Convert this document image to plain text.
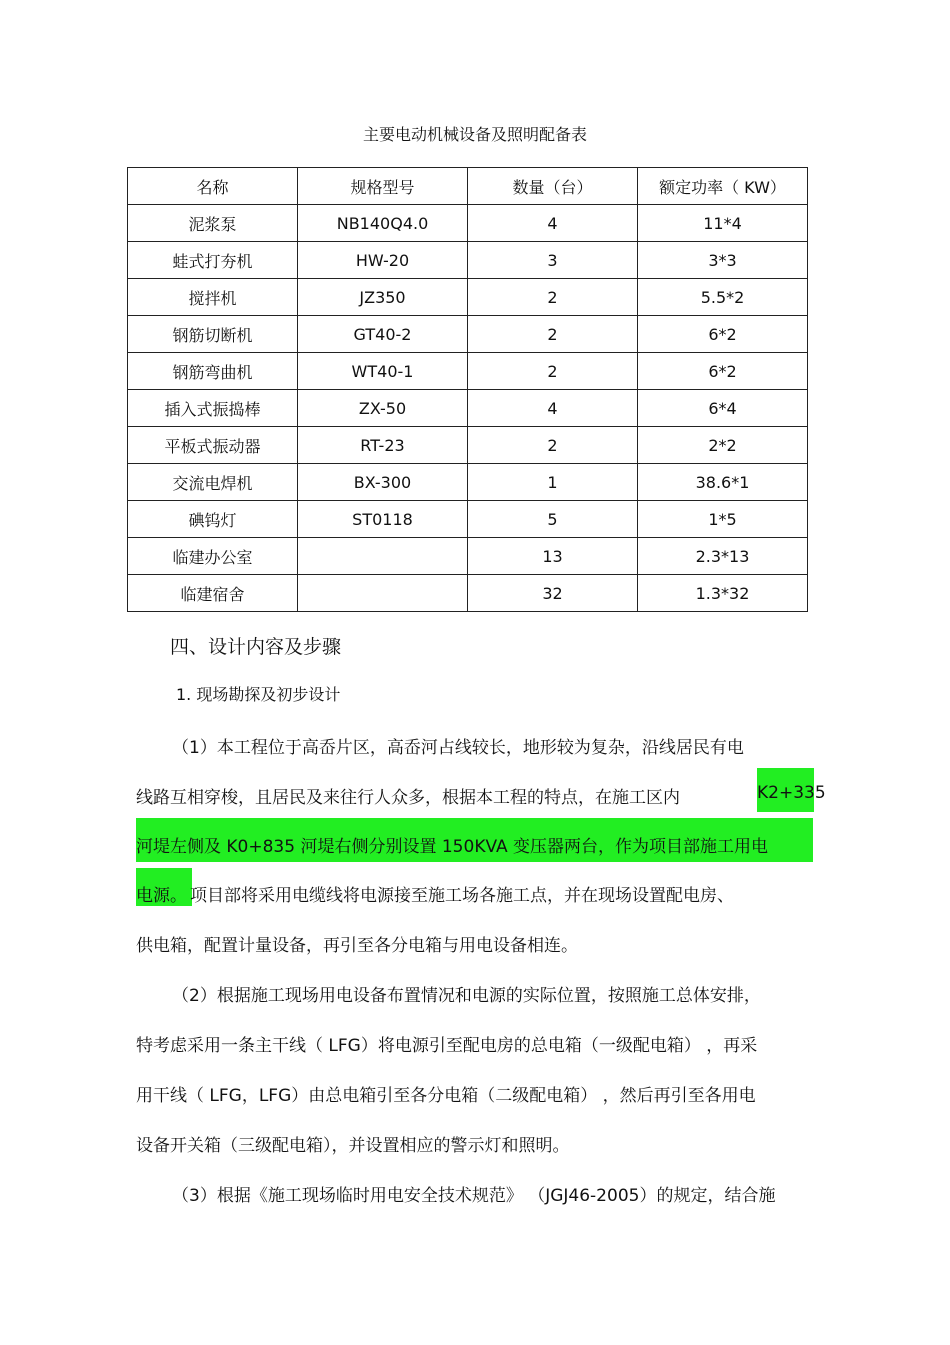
主要电动机械设备及照明配备表
名称	规格型号	数量（台）	额定功率（ KW）
泥浆泵	NB140Q4.0	4	11*4
蛙式打夯机	HW-20	3	3*3
搅拌机	JZ350	2	5.5*2
钢筋切断机	GT40-2	2	6*2
钢筋弯曲机	WT40-1	2	6*2
插入式振捣棒	ZX-50	4	6*4
平板式振动器	RT-23	2	2*2
交流电焊机	BX-300	1	38.6*1
碘钨灯	ST0118	5	1*5
临建办公室		13	2.3*13
临建宿舍		32	1.3*32
四、设计内容及步骤
1. 现场勘探及初步设计
（1）本工程位于高岙片区，高岙河占线较长，地形较为复杂，沿线居民有电
线路互相穿梭，且居民及来往行人众多，根据本工程的特点，在施工区内	K2+335
河堤左侧及 K0+835 河堤右侧分别设置 150KVA 变压器两台，作为项目部施工用电
电源。 项目部将采用电缆线将电源接至施工场各施工点，并在现场设置配电房、
供电箱，配置计量设备，再引至各分电箱与用电设备相连。
（2）根据施工现场用电设备布置情况和电源的实际位置，按照施工总体安排，
特考虑采用一条主干线（ LFG）将电源引至配电房的总电箱（一级配电箱） ，再采
用干线（ LFG，LFG）由总电箱引至各分电箱（二级配电箱） ，然后再引至各用电
设备开关箱（三级配电箱），并设置相应的警示灯和照明。
（3）根据《施工现场临时用电安全技术规范》 （JGJ46-2005）的规定，结合施
